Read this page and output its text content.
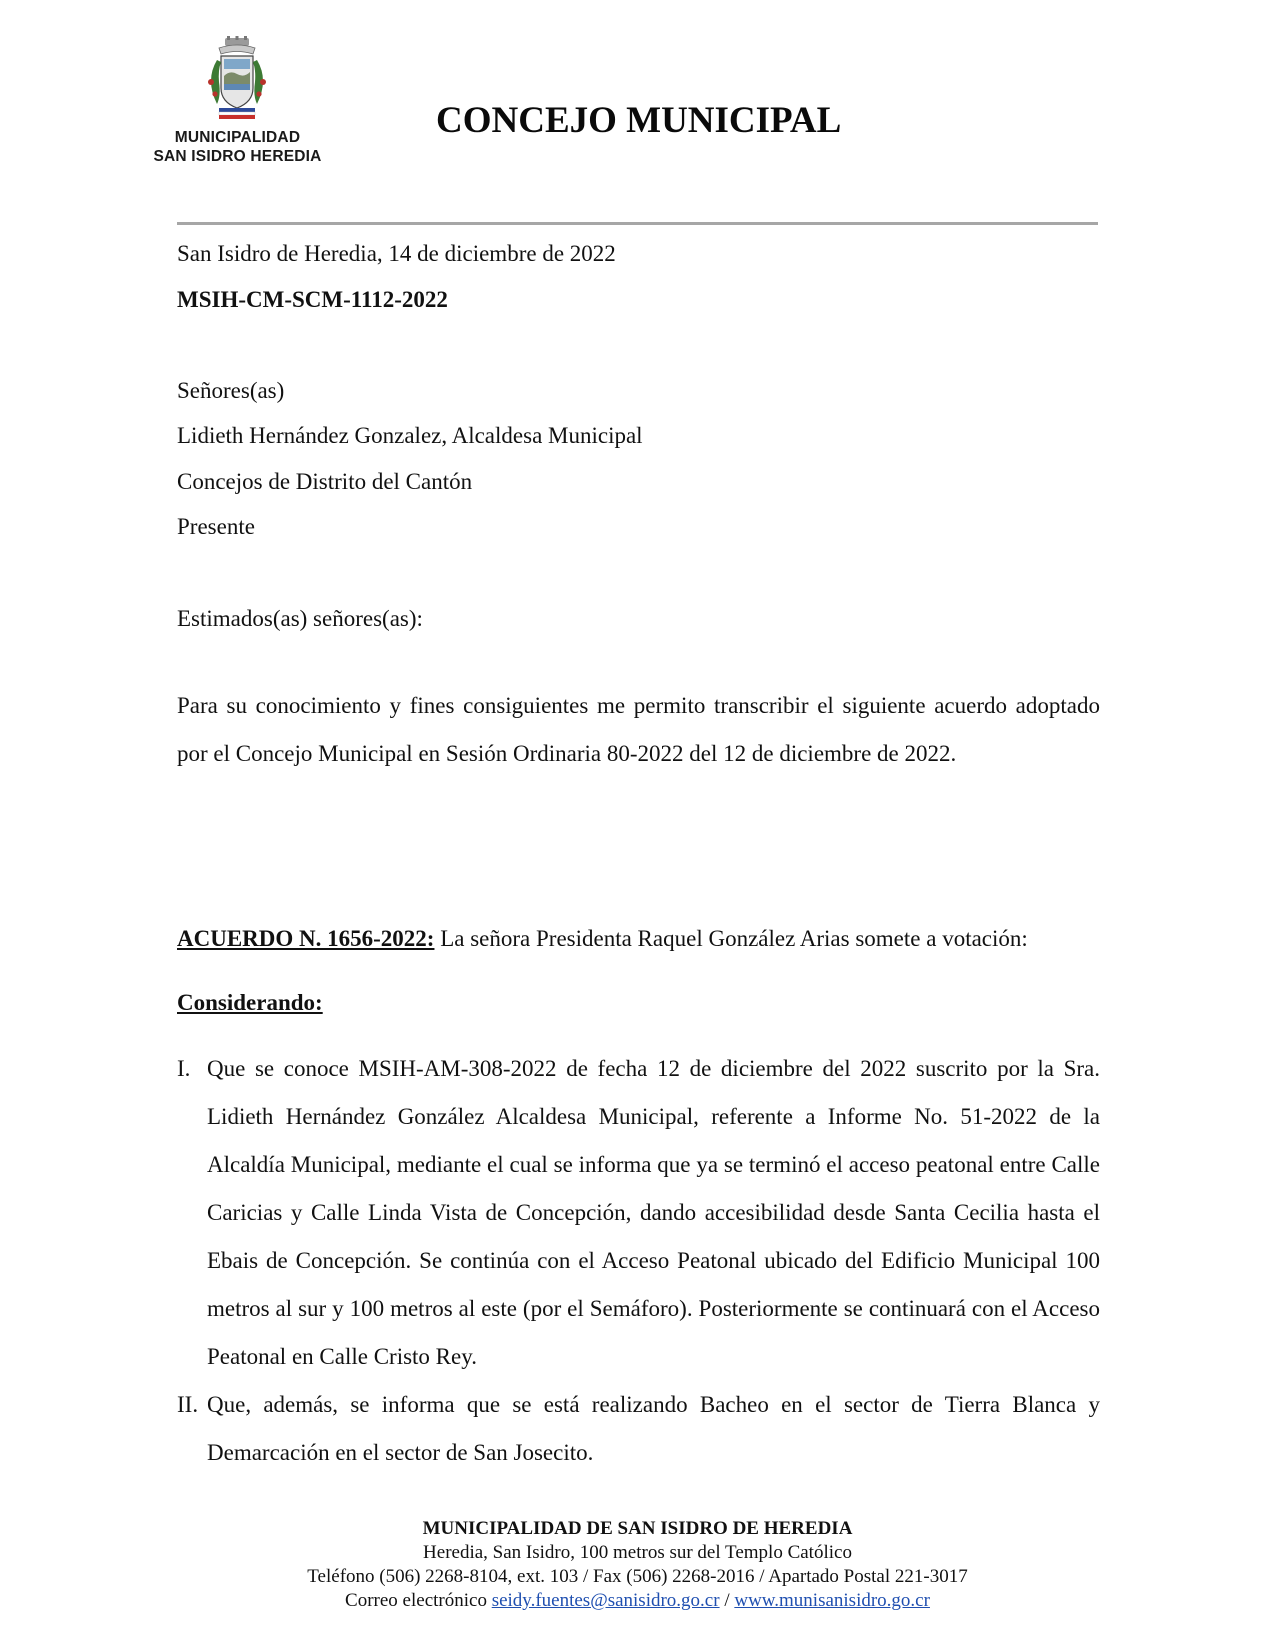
MUNICIPALIDAD
SAN ISIDRO HEREDIA
CONCEJO MUNICIPAL
San Isidro de Heredia, 14 de diciembre de 2022
MSIH-CM-SCM-1112-2022
Señores(as)
Lidieth Hernández Gonzalez, Alcaldesa Municipal
Concejos de Distrito del Cantón
Presente
Estimados(as) señores(as):
Para su conocimiento y fines consiguientes me permito transcribir el siguiente acuerdo adoptado por el Concejo Municipal en Sesión Ordinaria 80-2022 del 12 de diciembre de 2022.
ACUERDO N. 1656-2022: La señora Presidenta Raquel González Arias somete a votación:
Considerando:
I. Que se conoce MSIH-AM-308-2022 de fecha 12 de diciembre del 2022 suscrito por la Sra. Lidieth Hernández González Alcaldesa Municipal, referente a Informe No. 51-2022 de la Alcaldía Municipal, mediante el cual se informa que ya se terminó el acceso peatonal entre Calle Caricias y Calle Linda Vista de Concepción, dando accesibilidad desde Santa Cecilia hasta el Ebais de Concepción. Se continúa con el Acceso Peatonal ubicado del Edificio Municipal 100 metros al sur y 100 metros al este (por el Semáforo). Posteriormente se continuará con el Acceso Peatonal en Calle Cristo Rey.
II. Que, además, se informa que se está realizando Bacheo en el sector de Tierra Blanca y Demarcación en el sector de San Josecito.
MUNICIPALIDAD DE SAN ISIDRO DE HEREDIA
Heredia, San Isidro, 100 metros sur del Templo Católico
Teléfono (506) 2268-8104, ext. 103 / Fax (506) 2268-2016 / Apartado Postal 221-3017
Correo electrónico seidy.fuentes@sanisidro.go.cr / www.munisanisidro.go.cr
